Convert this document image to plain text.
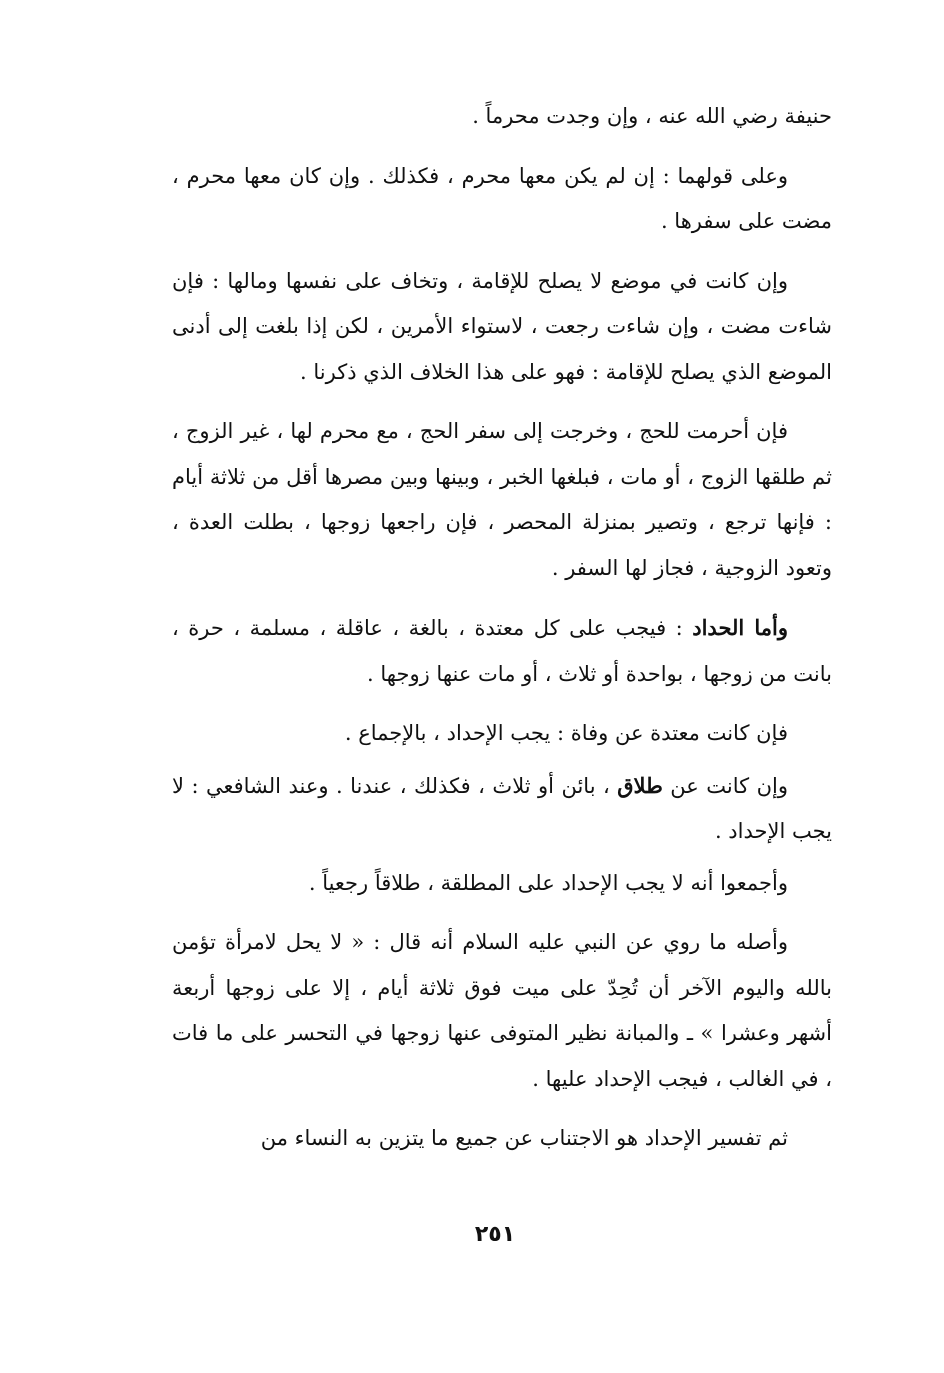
حنيفة رضي الله عنه ، وإن وجدت محرماً .

وعلى قولهما : إن لم يكن معها محرم ، فكذلك . وإن كان معها محرم ، مضت على سفرها .

وإن كانت في موضع لا يصلح للإقامة ، وتخاف على نفسها ومالها : فإن شاءت مضت ، وإن شاءت رجعت ، لاستواء الأمرين ، لكن إذا بلغت إلى أدنى الموضع الذي يصلح للإقامة : فهو على هذا الخلاف الذي ذكرنا .

فإن أحرمت للحج ، وخرجت إلى سفر الحج ، مع محرم لها ، غير الزوج ، ثم طلقها الزوج ، أو مات ، فبلغها الخبر ، وبينها وبين مصرها أقل من ثلاثة أيام : فإنها ترجع ، وتصير بمنزلة المحصر ، فإن راجعها زوجها ، بطلت العدة ، وتعود الزوجية ، فجاز لها السفر .

وأما الحداد : فيجب على كل معتدة ، بالغة ، عاقلة ، مسلمة ، حرة ، بانت من زوجها ، بواحدة أو ثلاث ، أو مات عنها زوجها .

فإن كانت معتدة عن وفاة : يجب الإحداد ، بالإجماع .

وإن كانت عن طلاق ، بائن أو ثلاث ، فكذلك ، عندنا . وعند الشافعي : لا يجب الإحداد .

وأجمعوا أنه لا يجب الإحداد على المطلقة ، طلاقاً رجعياً .

وأصله ما روي عن النبي عليه السلام أنه قال : « لا يحل لامرأة تؤمن بالله واليوم الآخر أن تُحِدّ على ميت فوق ثلاثة أيام ، إلا على زوجها أربعة أشهر وعشرا » ـ والمبانة نظير المتوفى عنها زوجها في التحسر على ما فات ، في الغالب ، فيجب الإحداد عليها .

ثم تفسير الإحداد هو الاجتناب عن جميع ما يتزين به النساء من

٢٥١
